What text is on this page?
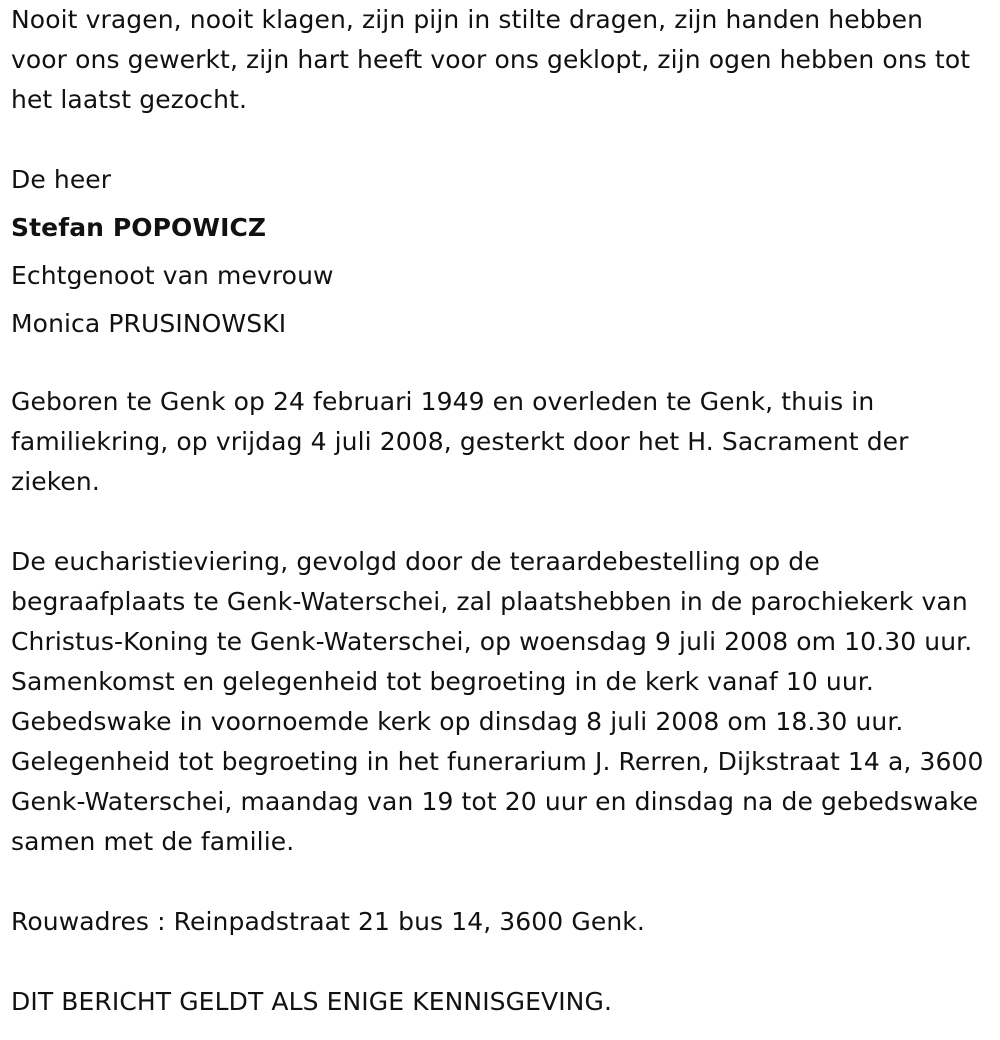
Nooit vragen, nooit klagen, zijn pijn in stilte dragen, zijn handen hebben voor ons gewerkt, zijn hart heeft voor ons geklopt, zijn ogen hebben ons tot het laatst gezocht.

De heer

Stefan POPOWICZ

Echtgenoot van mevrouw

Monica PRUSINOWSKI

Geboren te Genk op 24 februari 1949 en overleden te Genk, thuis in familiekring, op vrijdag 4 juli 2008, gesterkt door het H. Sacrament der zieken.

De eucharistieviering, gevolgd door de teraardebestelling op de begraafplaats te Genk-Waterschei, zal plaatshebben in de parochiekerk van Christus-Koning te Genk-Waterschei, op woensdag 9 juli 2008 om 10.30 uur. Samenkomst en gelegenheid tot begroeting in de kerk vanaf 10 uur. Gebedswake in voornoemde kerk op dinsdag 8 juli 2008 om 18.30 uur. Gelegenheid tot begroeting in het funerarium J. Rerren, Dijkstraat 14 a, 3600 Genk-Waterschei, maandag van 19 tot 20 uur en dinsdag na de gebedswake samen met de familie.

Rouwadres : Reinpadstraat 21 bus 14, 3600 Genk.

DIT BERICHT GELDT ALS ENIGE KENNISGEVING.
